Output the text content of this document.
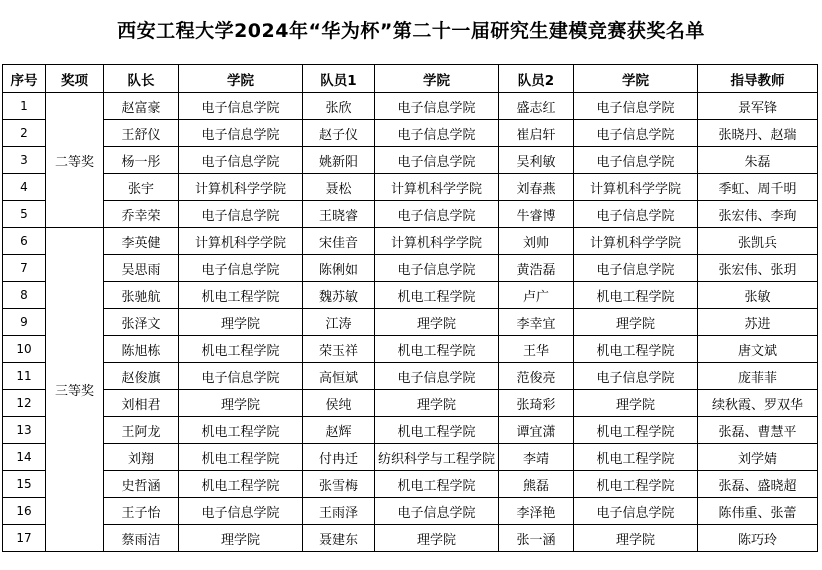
西安工程大学2024年“华为杯”第二十一届研究生建模竞赛获奖名单
序号	奖项	队长	学院	队员1	学院	队员2	学院	指导教师
1	二等奖	赵富豪	电子信息学院	张欣	电子信息学院	盛志红	电子信息学院	景军锋
2		王舒仪	电子信息学院	赵子仪	电子信息学院	崔启轩	电子信息学院	张晓丹、赵瑞
3		杨一彤	电子信息学院	姚新阳	电子信息学院	吴利敏	电子信息学院	朱磊
4		张宇	计算机科学学院	聂松	计算机科学学院	刘春燕	计算机科学学院	季虹、周千明
5		乔幸荣	电子信息学院	王晓睿	电子信息学院	牛睿博	电子信息学院	张宏伟、李珣
6	三等奖	李英健	计算机科学学院	宋佳音	计算机科学学院	刘帅	计算机科学学院	张凯兵
7		吴思雨	电子信息学院	陈俐如	电子信息学院	黄浩磊	电子信息学院	张宏伟、张玥
8		张驰航	机电工程学院	魏苏敏	机电工程学院	卢广	机电工程学院	张敏
9		张泽文	理学院	江涛	理学院	李幸宜	理学院	苏进
10		陈旭栋	机电工程学院	荣玉祥	机电工程学院	王华	机电工程学院	唐文斌
11		赵俊旗	电子信息学院	高恒斌	电子信息学院	范俊亮	电子信息学院	庞菲菲
12		刘相君	理学院	侯纯	理学院	张琦彩	理学院	续秋霞、罗双华
13		王阿龙	机电工程学院	赵辉	机电工程学院	谭宜潇	机电工程学院	张磊、曹慧平
14		刘翔	机电工程学院	付冉迁	纺织科学与工程学院	李靖	机电工程学院	刘学婧
15		史哲涵	机电工程学院	张雪梅	机电工程学院	熊磊	机电工程学院	张磊、盛晓超
16		王子怡	电子信息学院	王雨泽	电子信息学院	李泽艳	电子信息学院	陈伟重、张蕾
17		蔡雨洁	理学院	聂建东	理学院	张一涵	理学院	陈巧玲
